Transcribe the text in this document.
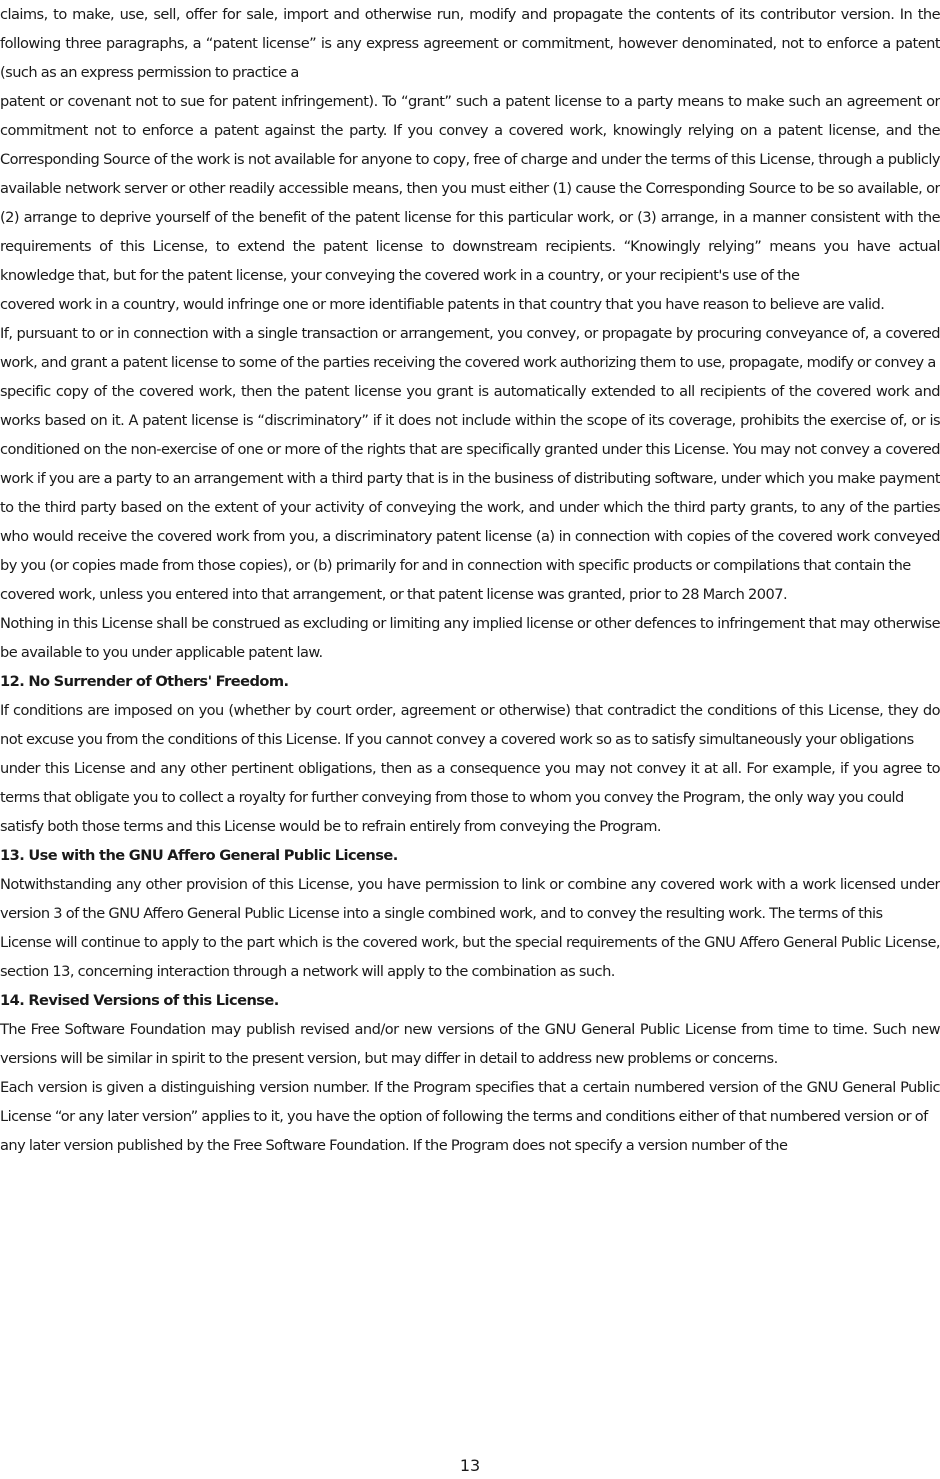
claims, to make, use, sell, offer for sale, import and otherwise run, modify and propagate the contents of its contributor version. In the following three paragraphs, a “patent license” is any express agreement or commitment, however denominated, not to enforce a patent (such as an express permission to practice a

patent or covenant not to sue for patent infringement). To “grant” such a patent license to a party means to make such an agreement or commitment not to enforce a patent against the party. If you convey a covered work, knowingly relying on a patent license, and the Corresponding Source of the work is not available for anyone to copy, free of charge and under the terms of this License, through a publicly available network server or other readily accessible means, then you must either (1) cause the Corresponding Source to be so available, or (2) arrange to deprive yourself of the benefit of the patent license for this particular work, or (3) arrange, in a manner consistent with the requirements of this License, to extend the patent license to downstream recipients. “Knowingly relying” means you have actual knowledge that, but for the patent license, your conveying the covered work in a country, or your recipient's use of the

covered work in a country, would infringe one or more identifiable patents in that country that you have reason to believe are valid.

If, pursuant to or in connection with a single transaction or arrangement, you convey, or propagate by procuring conveyance of, a covered work, and grant a patent license to some of the parties receiving the covered work authorizing them to use, propagate, modify or convey a

specific copy of the covered work, then the patent license you grant is automatically extended to all recipients of the covered work and works based on it. A patent license is “discriminatory” if it does not include within the scope of its coverage, prohibits the exercise of, or is conditioned on the non-exercise of one or more of the rights that are specifically granted under this License. You may not convey a covered work if you are a party to an arrangement with a third party that is in the business of distributing software, under which you make payment to the third party based on the extent of your activity of conveying the work, and under which the third party grants, to any of the parties who would receive the covered work from you, a discriminatory patent license (a) in connection with copies of the covered work conveyed by you (or copies made from those copies), or (b) primarily for and in connection with specific products or compilations that contain the

covered work, unless you entered into that arrangement, or that patent license was granted, prior to 28 March 2007.

Nothing in this License shall be construed as excluding or limiting any implied license or other defences to infringement that may otherwise be available to you under applicable patent law.

12. No Surrender of Others' Freedom.

If conditions are imposed on you (whether by court order, agreement or otherwise) that contradict the conditions of this License, they do not excuse you from the conditions of this License. If you cannot convey a covered work so as to satisfy simultaneously your obligations

under this License and any other pertinent obligations, then as a consequence you may not convey it at all. For example, if you agree to terms that obligate you to collect a royalty for further conveying from those to whom you convey the Program, the only way you could

satisfy both those terms and this License would be to refrain entirely from conveying the Program.

13. Use with the GNU Affero General Public License.

Notwithstanding any other provision of this License, you have permission to link or combine any covered work with a work licensed under version 3 of the GNU Affero General Public License into a single combined work, and to convey the resulting work. The terms of this

License will continue to apply to the part which is the covered work, but the special requirements of the GNU Affero General Public License, section 13, concerning interaction through a network will apply to the combination as such.

14. Revised Versions of this License.

The Free Software Foundation may publish revised and/or new versions of the GNU General Public License from time to time. Such new versions will be similar in spirit to the present version, but may differ in detail to address new problems or concerns.

Each version is given a distinguishing version number. If the Program specifies that a certain numbered version of the GNU General Public License “or any later version” applies to it, you have the option of following the terms and conditions either of that numbered version or of

any later version published by the Free Software Foundation. If the Program does not specify a version number of the

13
